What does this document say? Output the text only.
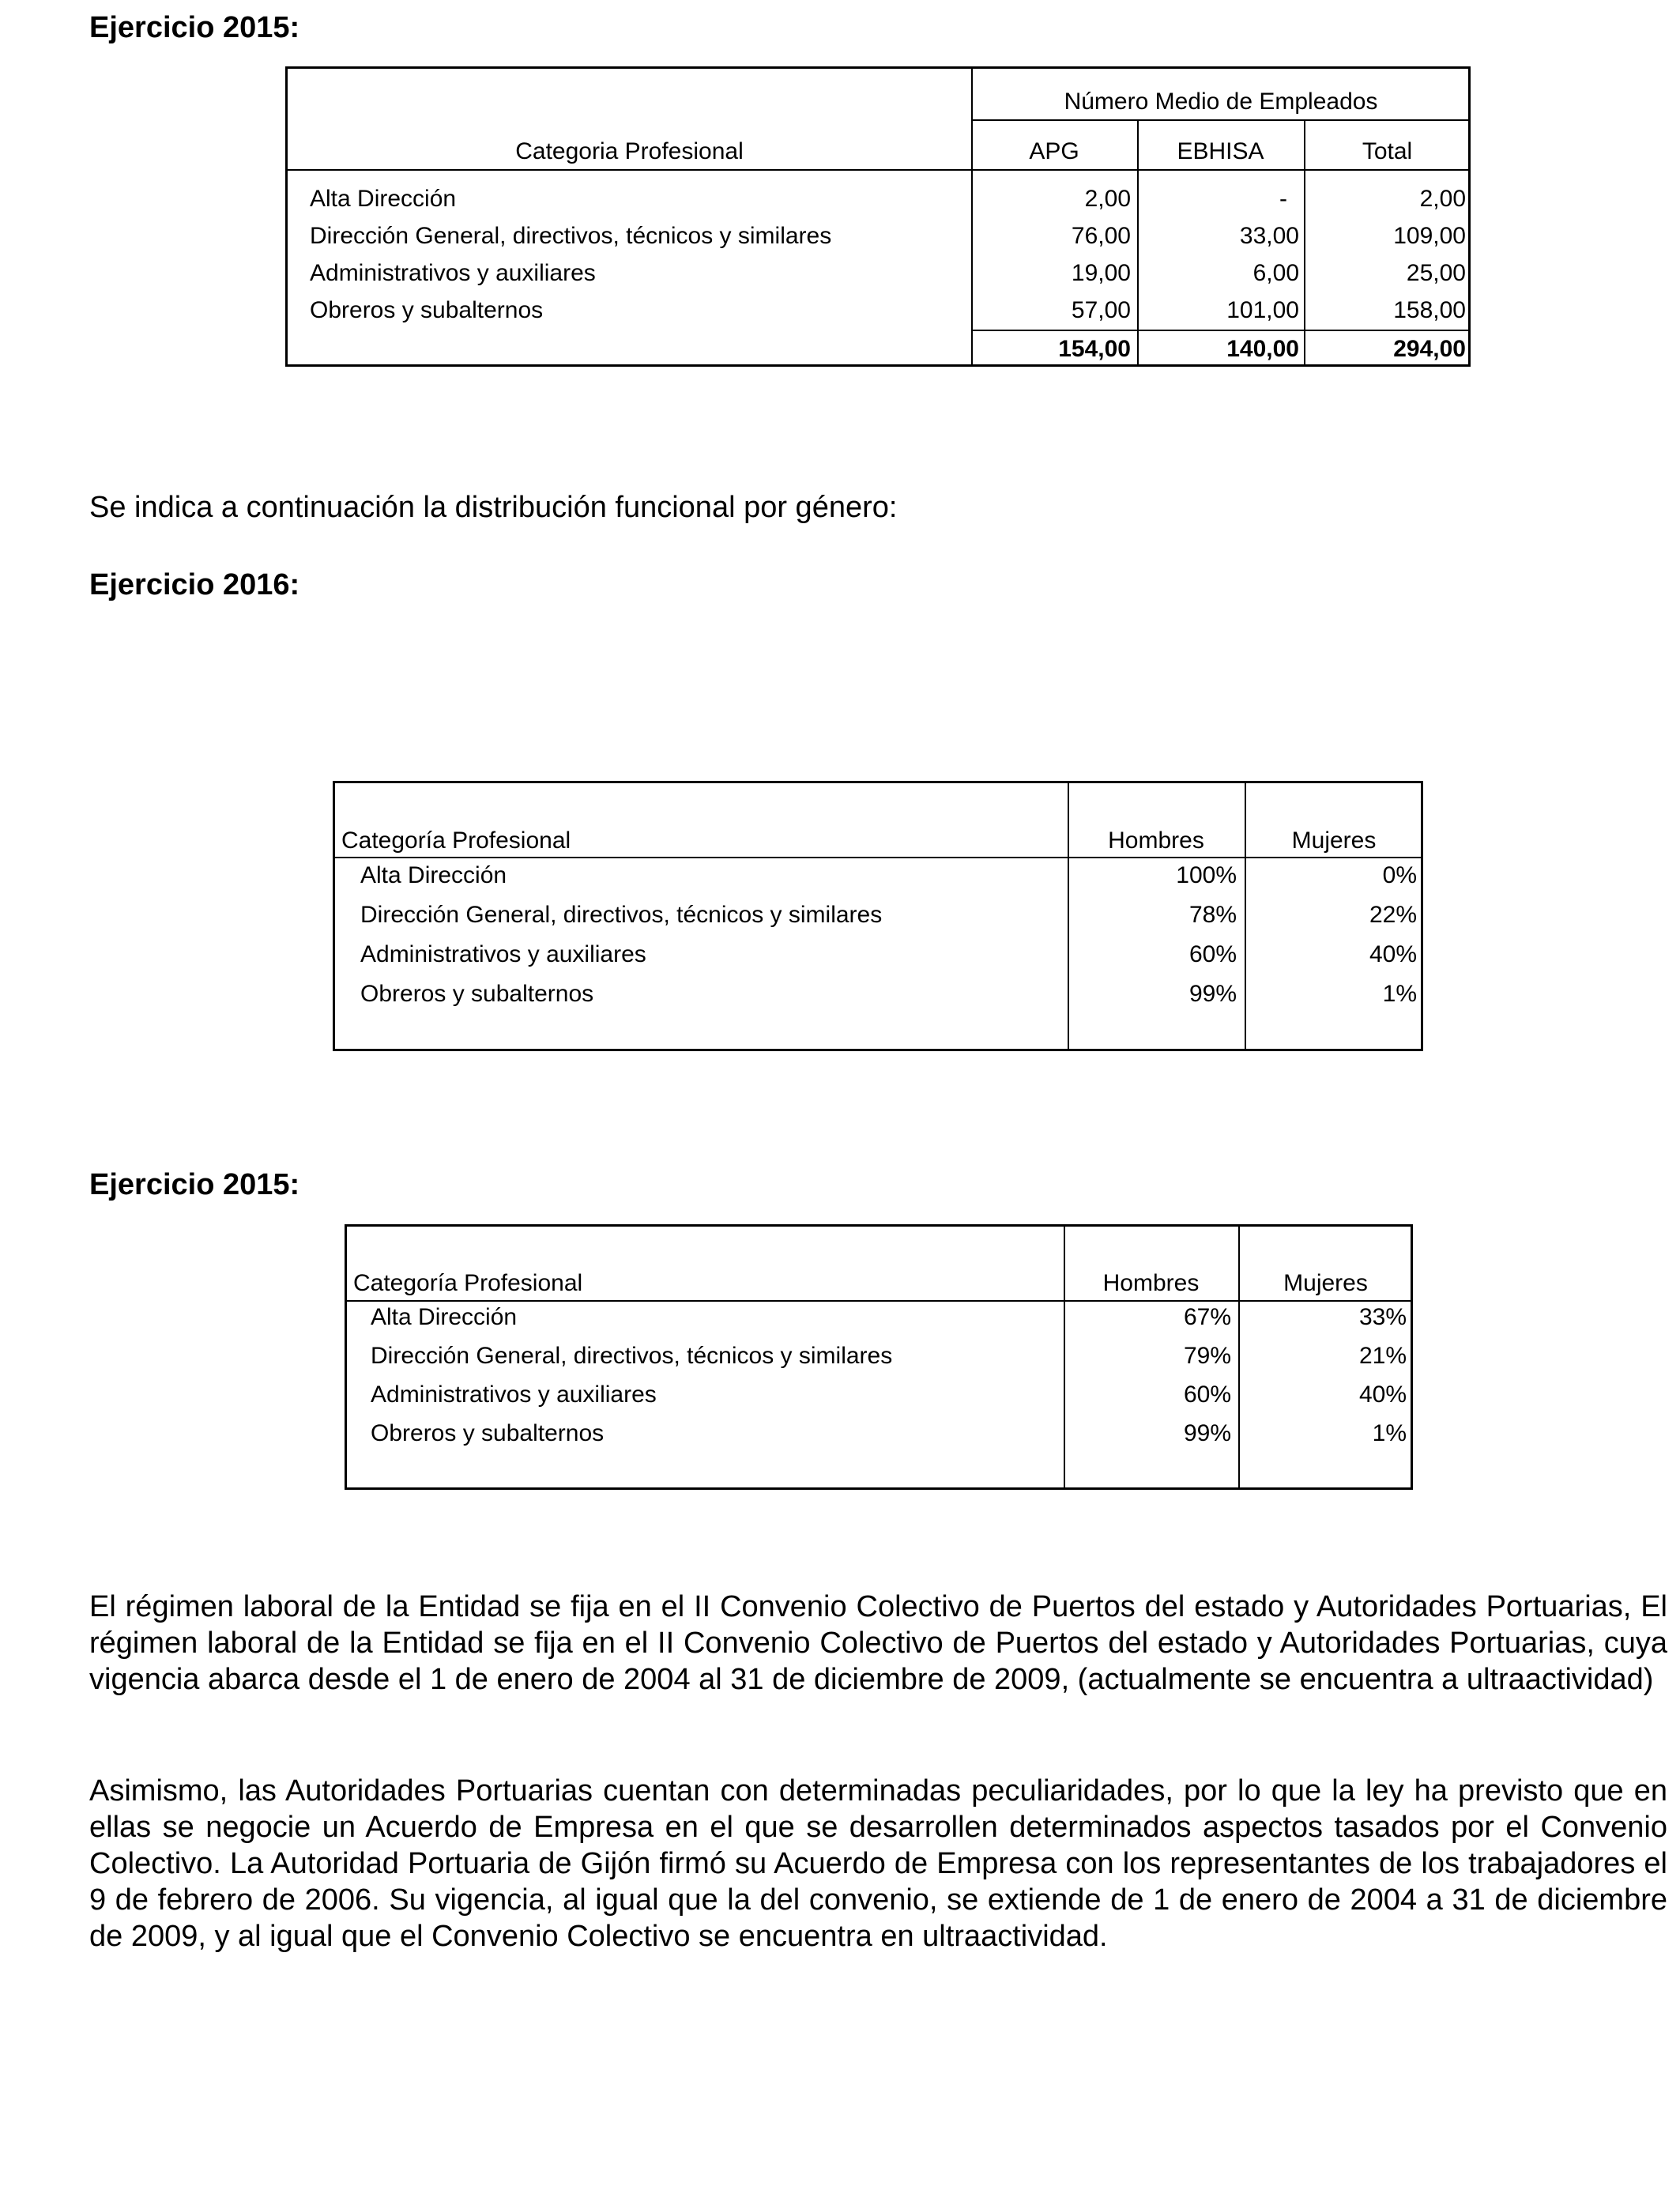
Ejercicio 2015:
Número Medio de Empleados
Categoria Profesional	APG	EBHISA	Total
Alta Dirección	2,00	-	2,00
Dirección General, directivos, técnicos y similares	76,00	33,00	109,00
Administrativos y auxiliares	19,00	6,00	25,00
Obreros y subalternos	57,00	101,00	158,00
154,00	140,00	294,00

Se indica a continuación la distribución funcional por género:

Ejercicio 2016:
Categoría Profesional	Hombres	Mujeres
Alta Dirección	100%	0%
Dirección General, directivos, técnicos y similares	78%	22%
Administrativos y auxiliares	60%	40%
Obreros y subalternos	99%	1%
Ejercicio 2015:
Categoría Profesional	Hombres	Mujeres
Alta Dirección	67%	33%
Dirección General, directivos, técnicos y similares	79%	21%
Administrativos y auxiliares	60%	40%
Obreros y subalternos	99%	1%

El régimen laboral de la Entidad se fija en el II Convenio Colectivo de Puertos del estado y Autoridades Portuarias, El régimen laboral de la Entidad se fija en el II Convenio Colectivo de Puertos del estado y Autoridades Portuarias, cuya vigencia abarca desde el 1 de enero de 2004 al 31 de diciembre de 2009, (actualmente se encuentra a ultraactividad)

Asimismo, las Autoridades Portuarias cuentan con determinadas peculiaridades, por lo que la ley ha previsto que en ellas se negocie un Acuerdo de Empresa en el que se desarrollen determinados aspectos tasados por el Convenio Colectivo. La Autoridad Portuaria de Gijón firmó su Acuerdo de Empresa con los representantes de los trabajadores el 9 de febrero de 2006. Su vigencia, al igual que la del convenio, se extiende de 1 de enero de 2004 a 31 de diciembre de 2009, y al igual que el Convenio Colectivo se encuentra en ultraactividad.
